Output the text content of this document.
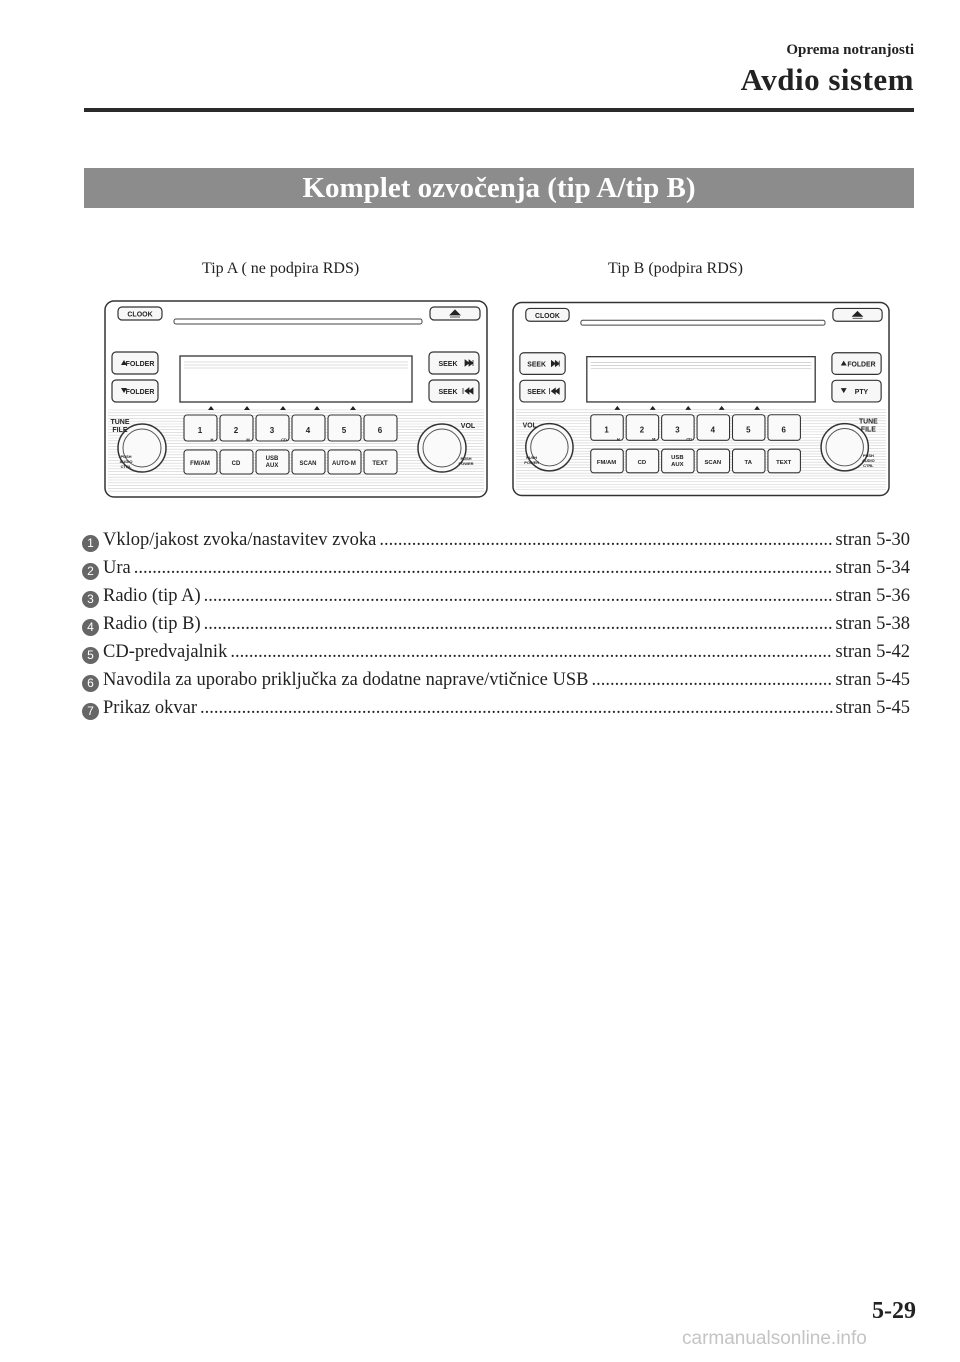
Oprema notranjosti
Avdio sistem
Komplet ozvočenja (tip A/tip B)
Tip A ( ne podpira RDS)	Tip B (podpira RDS)
CLOOK
FOLDER
FOLDER
SEEK
SEEK
TUNE
FILE
PUSH
AUDIO
CTRL
VOL
PUSH
POWER
1
H
FM/AM
2
M
CD
3
CD
USB
AUX
4
SCAN
5
AUTO·M
6
TEXT
CLOOK
SEEK
SEEK
FOLDER
PTY
VOL
PUSH
POWER
TUNE
FILE
PUSH
AUDIO
CTRL
1
H
FM/AM
2
M
CD
3
CD
USB
AUX
4
SCAN
5
TA
6
TEXT
1 Vklop/jakost zvoka/nastavitev zvoka .....	stran 5-30
2 Ura .....	stran 5-34
3 Radio (tip A) .....	stran 5-36
4 Radio (tip B) .....	stran 5-38
5 CD-predvajalnik .....	stran 5-42
6 Navodila za uporabo priključka za dodatne naprave/vtičnice USB .....	stran 5-45
7 Prikaz okvar .....	stran 5-45
5-29
carmanualsonline.info
